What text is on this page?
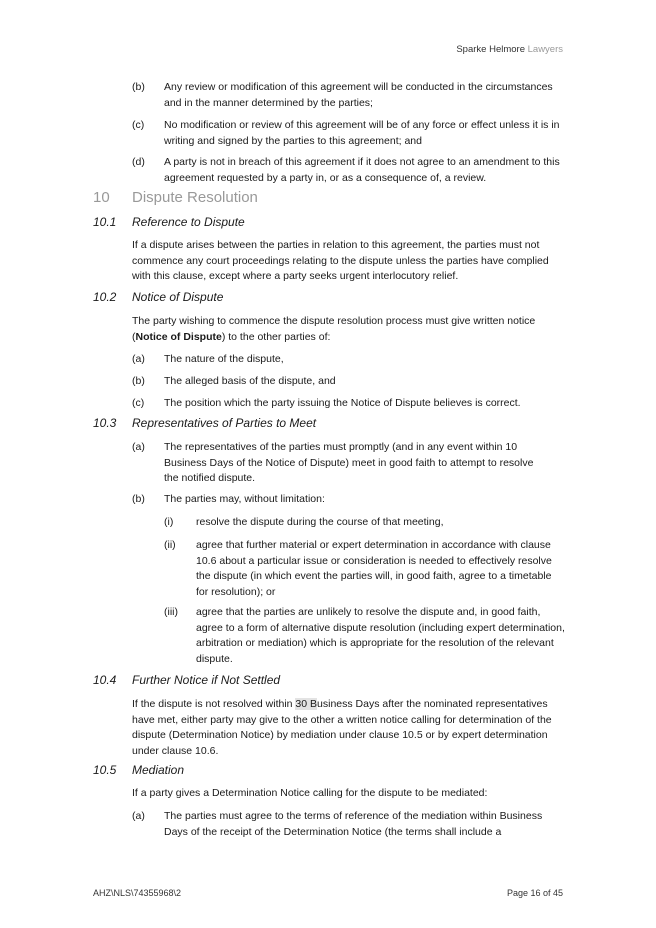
Sparke Helmore Lawyers
(b)	Any review or modification of this agreement will be conducted in the circumstances and in the manner determined by the parties;
(c)	No modification or review of this agreement will be of any force or effect unless it is in writing and signed by the parties to this agreement; and
(d)	A party is not in breach of this agreement if it does not agree to an amendment to this agreement requested by a party in, or as a consequence of, a review.
10 Dispute Resolution
10.1 Reference to Dispute
If a dispute arises between the parties in relation to this agreement, the parties must not commence any court proceedings relating to the dispute unless the parties have complied with this clause, except where a party seeks urgent interlocutory relief.
10.2 Notice of Dispute
The party wishing to commence the dispute resolution process must give written notice (Notice of Dispute) to the other parties of:
(a)	The nature of the dispute,
(b)	The alleged basis of the dispute, and
(c)	The position which the party issuing the Notice of Dispute believes is correct.
10.3 Representatives of Parties to Meet
(a)	The representatives of the parties must promptly (and in any event within 10 Business Days of the Notice of Dispute) meet in good faith to attempt to resolve the notified dispute.
(b)	The parties may, without limitation:
(i)	resolve the dispute during the course of that meeting,
(ii)	agree that further material or expert determination in accordance with clause 10.6 about a particular issue or consideration is needed to effectively resolve the dispute (in which event the parties will, in good faith, agree to a timetable for resolution); or
(iii)	agree that the parties are unlikely to resolve the dispute and, in good faith, agree to a form of alternative dispute resolution (including expert determination, arbitration or mediation) which is appropriate for the resolution of the relevant dispute.
10.4 Further Notice if Not Settled
If the dispute is not resolved within 30 Business Days after the nominated representatives have met, either party may give to the other a written notice calling for determination of the dispute (Determination Notice) by mediation under clause 10.5 or by expert determination under clause 10.6.
10.5 Mediation
If a party gives a Determination Notice calling for the dispute to be mediated:
(a)	The parties must agree to the terms of reference of the mediation within Business Days of the receipt of the Determination Notice (the terms shall include a
AHZ\NLS\74355968\2	Page 16 of 45
